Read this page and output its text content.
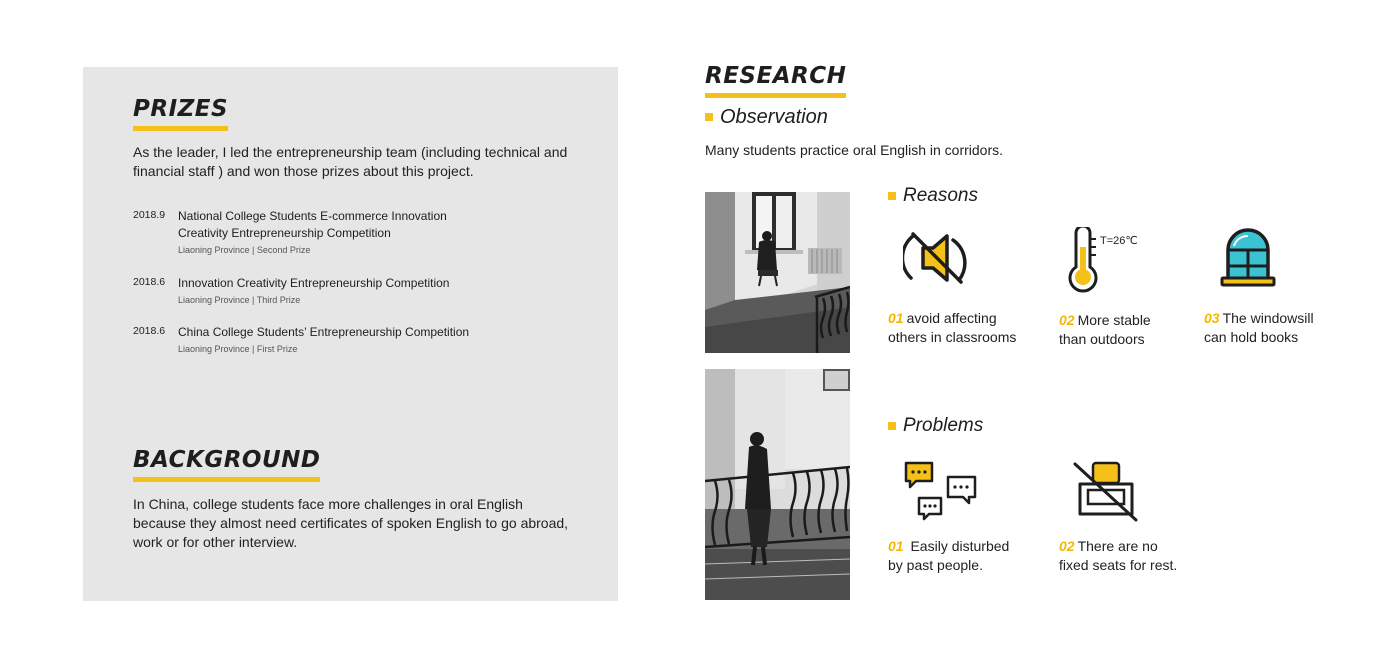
PRIZES
As the leader, I led the entrepreneurship team (including technical and financial staff ) and won those prizes about this project.
2018.9 National College Students E-commerce Innovation
Creativity Entrepreneurship Competition
Liaoning Province | Second Prize
2018.6 Innovation Creativity Entrepreneurship Competition
Liaoning Province | Third Prize
2018.6 China College Students’ Entrepreneurship Competition
Liaoning Province | First Prize
BACKGROUND
In China, college students face more challenges in oral English because they almost need certificates of spoken English to go abroad, work or for other interview.
RESEARCH
Observation
Many students practice oral English in corridors.
Reasons
T=26℃
01 avoid affecting
others in classrooms
02 More stable
than outdoors
03 The windowsill
can hold books
Problems
01 Easily disturbed
by past people.
02 There are no
fixed seats for rest.
